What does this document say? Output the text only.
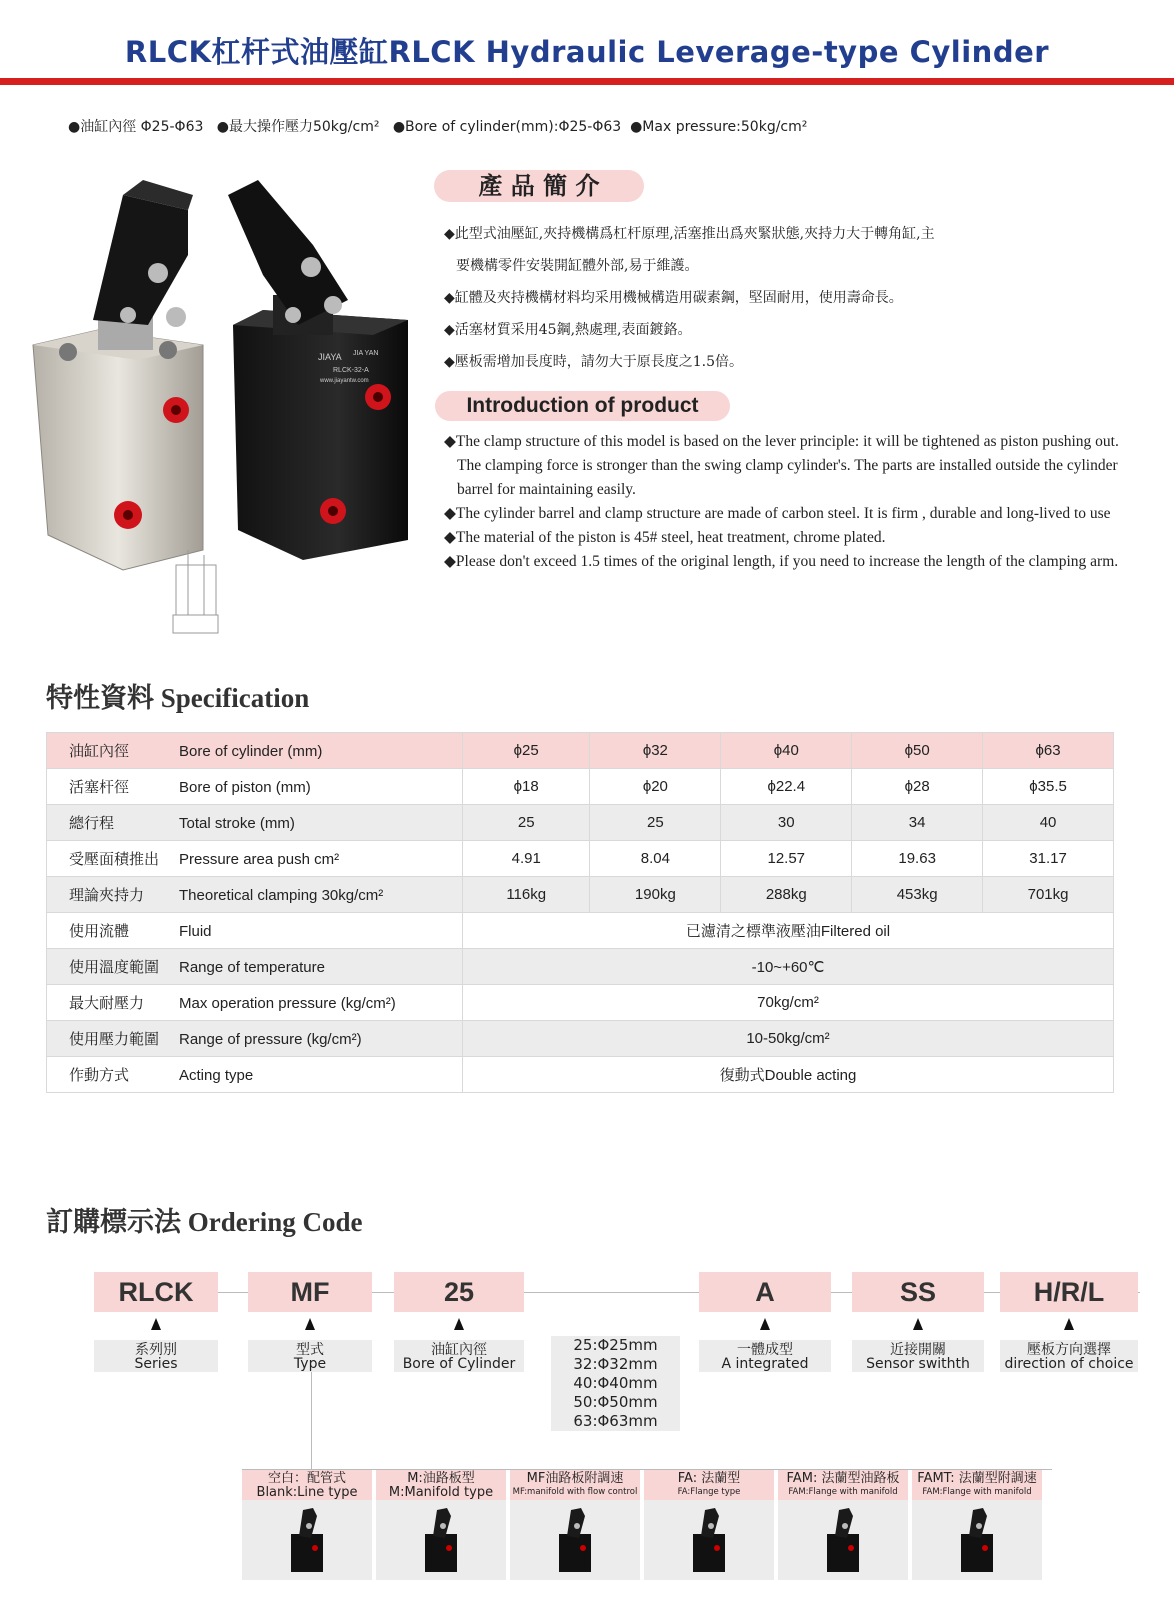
RLCK杠杆式油壓缸RLCK Hydraulic Leverage-type Cylinder
●油缸內徑 Φ25-Φ63 ●最大操作壓力50kg/cm² ●Bore of cylinder(mm):Φ25-Φ63 ●Max pressure:50kg/cm²
JIAYA JIA YAN
RLCK-32-A
www.jiayantw.com
產 品 簡 介
◆此型式油壓缸,夾持機構爲杠杆原理,活塞推出爲夾緊狀態,夾持力大于轉角缸,主
要機構零件安裝開缸體外部,易于維護。
◆缸體及夾持機構材料均采用機械構造用碳素鋼，堅固耐用，使用壽命長。
◆活塞材質采用45鋼,熱處理,表面鍍鉻。
◆壓板需增加長度時，請勿大于原長度之1.5倍。
Introduction of product

◆The clamp structure of this model is based on the lever principle: it will be tightened as piston pushing out. The clamping force is stronger than the swing clamp cylinder's. The parts are installed outside the cylinder barrel for maintaining easily.

◆The cylinder barrel and clamp structure are made of carbon steel. It is firm , durable and long-lived to use

◆The material of the piston is 45# steel, heat treatment, chrome plated.

◆Please don't exceed 1.5 times of the original length, if you need to increase the length of the clamping arm.

特性資料 Specification
油缸內徑 Bore of cylinder (mm)	ϕ25	ϕ32	ϕ40	ϕ50	ϕ63
活塞杆徑 Bore of piston (mm)	ϕ18	ϕ20	ϕ22.4	ϕ28	ϕ35.5
總行程 Total stroke (mm)	25	25	30	34	40
受壓面積推出 Pressure area push cm²	4.91	8.04	12.57	19.63	31.17
理論夾持力 Theoretical clamping 30kg/cm²	116kg	190kg	288kg	453kg	701kg
使用流體 Fluid	已濾清之標準液壓油Filtered oil				
使用溫度範圍 Range of temperature	-10~+60℃				
最大耐壓力 Max operation pressure (kg/cm²)	70kg/cm²				
使用壓力範圍 Range of pressure (kg/cm²)	10-50kg/cm²				
作動方式 Acting type	復動式Double acting				
訂購標示法 Ordering Code
RLCK	MF	25	A	SS	H/R/L
系列別
Series
型式
Type
油缸內徑
Bore of Cylinder
一體成型
A integrated
近接開關
Sensor swithth
壓板方向選擇
direction of choice
25:Φ25mm
32:Φ32mm
40:Φ40mm
50:Φ50mm
63:Φ63mm
空白：配管式
Blank:Line type
M:油路板型
M:Manifold type
MF油路板附調速
MF:manifold with flow control
FA: 法蘭型
FA:Flange type
FAM: 法蘭型油路板
FAM:Flange with manifold
FAMT: 法蘭型附調速
FAM:Flange with manifold
